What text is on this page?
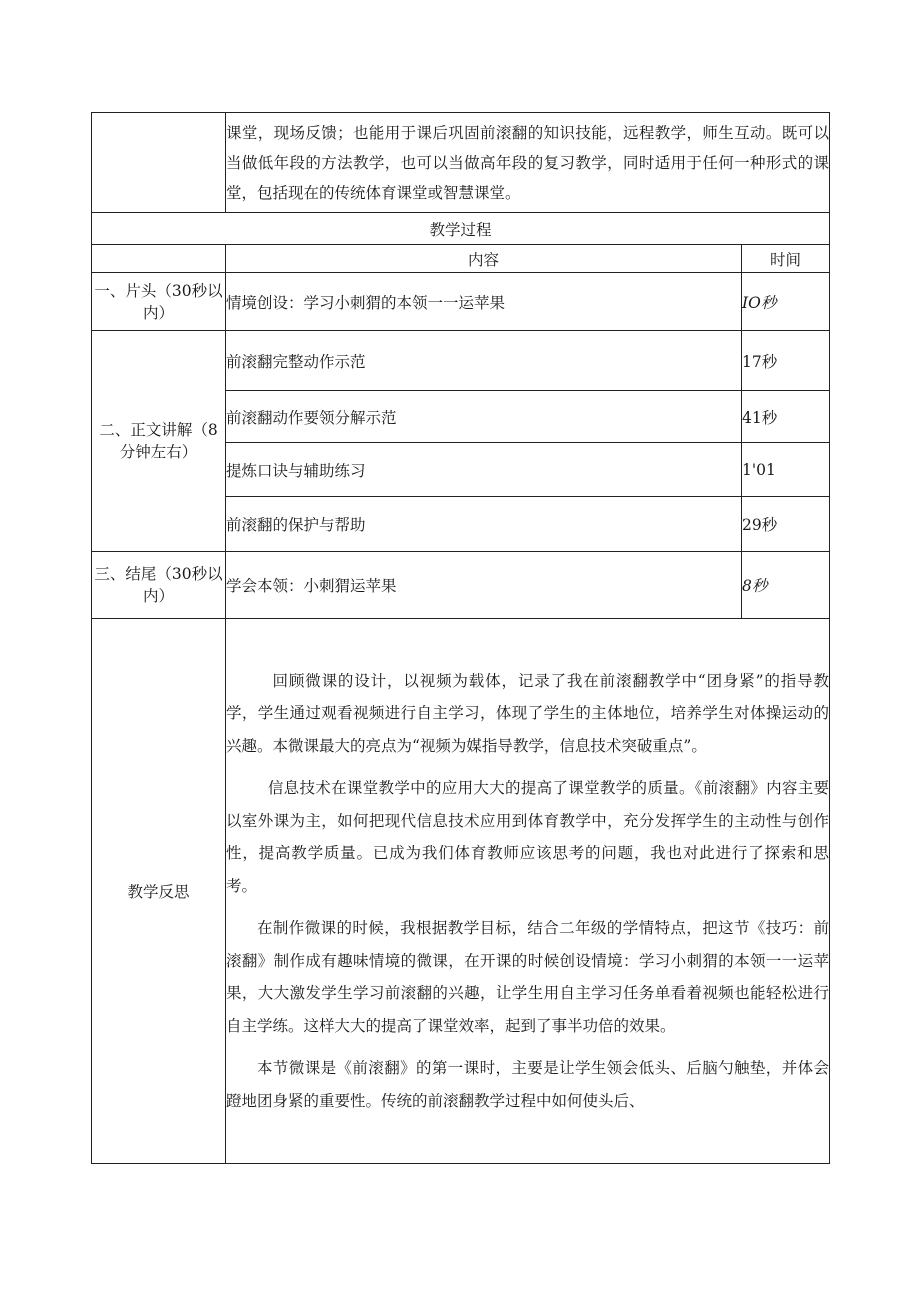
	课堂，现场反馈；也能用于课后巩固前滚翻的知识技能，远程教学，师生互动。既可以当做低年段的方法教学，也可以当做高年段的复习教学，同时适用于任何一种形式的课堂，包括现在的传统体育课堂或智慧课堂。	

教学过程		
	内容	时间
一、片头（30秒以内）	情境创设：学习小刺猬的本领一一运苹果	IO秒
二、正文讲解（8分钟左右）	前滚翻完整动作示范	17秒
	前滚翻动作要领分解示范	41秒
	提炼口诀与辅助练习	1'01
	前滚翻的保护与帮助	29秒
三、结尾（30秒以内）	学会本领：小刺猬运苹果	8秒
教学反思	回顾微课的设计，以视频为载体，记录了我在前滚翻教学中“团身紧”的指导教学，学生通过观看视频进行自主学习，体现了学生的主体地位，培养学生对体操运动的兴趣。本微课最大的亮点为“视频为媒指导教学，信息技术突破重点”。

信息技术在课堂教学中的应用大大的提高了课堂教学的质量。《前滚翻》内容主要以室外课为主，如何把现代信息技术应用到体育教学中，充分发挥学生的主动性与创作性，提高教学质量。已成为我们体育教师应该思考的问题，我也对此进行了探索和思考。

在制作微课的时候，我根据教学目标，结合二年级的学情特点，把这节《技巧：前滚翻》制作成有趣味情境的微课，在开课的时候创设情境：学习小刺猬的本领一一运苹果，大大激发学生学习前滚翻的兴趣，让学生用自主学习任务单看着视频也能轻松进行自主学练。这样大大的提高了课堂效率，起到了事半功倍的效果。

本节微课是《前滚翻》的第一课时，主要是让学生领会低头、后脑勺触垫，并体会蹬地团身紧的重要性。传统的前滚翻教学过程中如何使头后、	
